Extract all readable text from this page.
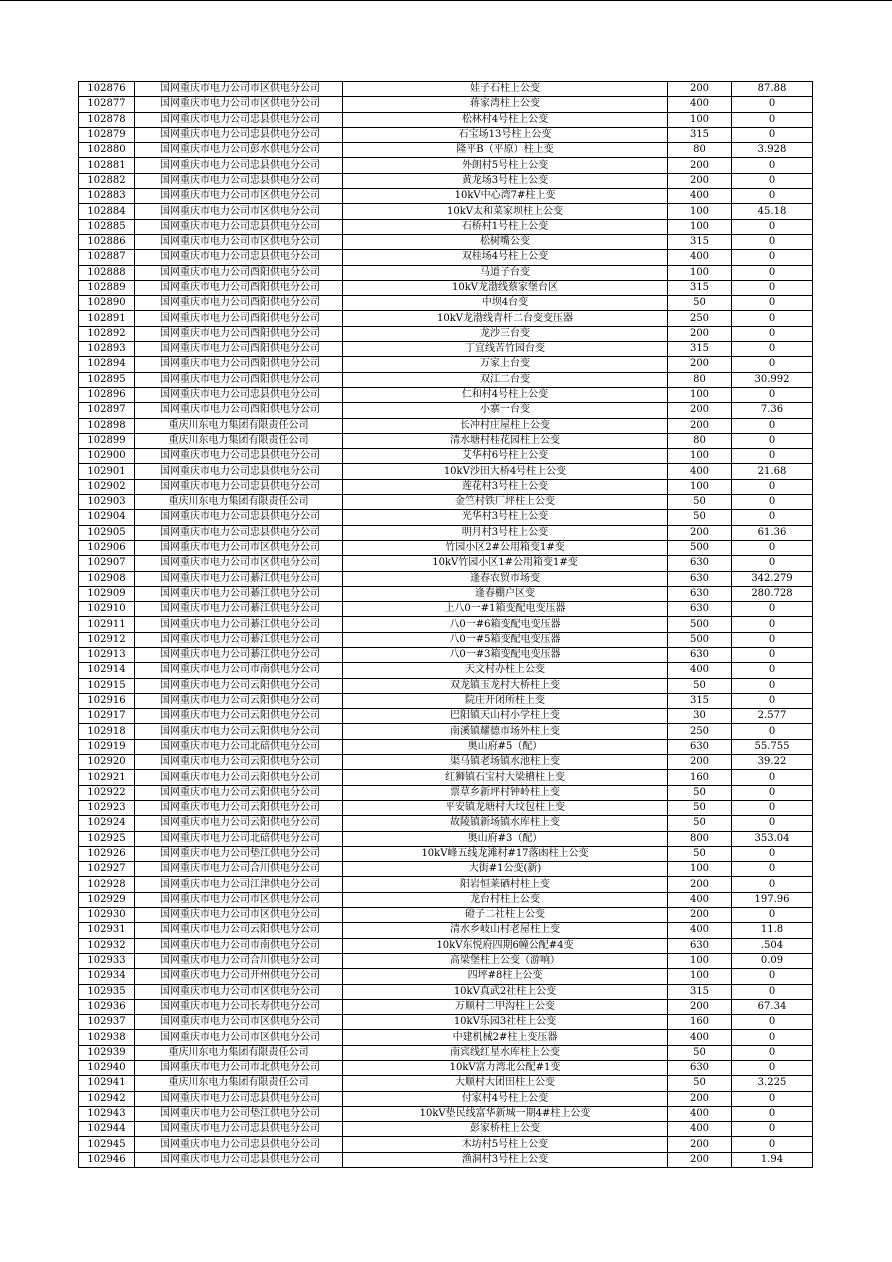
102876	国网重庆市电力公司市区供电分公司	娃子石柱上公变	200	87.88
102877	国网重庆市电力公司市区供电分公司	蒋家湾柱上公变	400	0
102878	国网重庆市电力公司忠县供电分公司	松林村4号柱上公变	100	0
102879	国网重庆市电力公司忠县供电分公司	石宝场13号柱上公变	315	0
102880	国网重庆市电力公司彭水供电分公司	隆平B（平原）柱上变	80	3.928
102881	国网重庆市电力公司忠县供电分公司	外朗村5号柱上公变	200	0
102882	国网重庆市电力公司忠县供电分公司	黄龙场3号柱上公变	200	0
102883	国网重庆市电力公司市区供电分公司	10kV中心湾7#柱上变	400	0
102884	国网重庆市电力公司市区供电分公司	10kV太和菜家坝柱上公变	100	45.18
102885	国网重庆市电力公司忠县供电分公司	石桥村1号柱上公变	100	0
102886	国网重庆市电力公司市区供电分公司	松树嘴公变	315	0
102887	国网重庆市电力公司忠县供电分公司	双桂场4号柱上公变	400	0
102888	国网重庆市电力公司酉阳供电分公司	马道子台变	100	0
102889	国网重庆市电力公司酉阳供电分公司	10kV龙渤线蔡家堡台区	315	0
102890	国网重庆市电力公司酉阳供电分公司	中坝4台变	50	0
102891	国网重庆市电力公司酉阳供电分公司	10kV龙渤线青杆二台变变压器	250	0
102892	国网重庆市电力公司酉阳供电分公司	龙沙三台变	200	0
102893	国网重庆市电力公司酉阳供电分公司	丁宜线苦竹园台变	315	0
102894	国网重庆市电力公司酉阳供电分公司	万家上台变	200	0
102895	国网重庆市电力公司酉阳供电分公司	双江二台变	80	30.992
102896	国网重庆市电力公司忠县供电分公司	仁和村4号柱上公变	100	0
102897	国网重庆市电力公司酉阳供电分公司	小寨一台变	200	7.36
102898	重庆川东电力集团有限责任公司	长冲村庄屋柱上公变	200	0
102899	重庆川东电力集团有限责任公司	清水塘村桂花园柱上公变	80	0
102900	国网重庆市电力公司忠县供电分公司	艾华村6号柱上公变	100	0
102901	国网重庆市电力公司忠县供电分公司	10kV沙田大桥4号柱上公变	400	21.68
102902	国网重庆市电力公司忠县供电分公司	莲花村3号柱上公变	100	0
102903	重庆川东电力集团有限责任公司	金竺村铁厂坪柱上公变	50	0
102904	国网重庆市电力公司忠县供电分公司	光华村3号柱上公变	50	0
102905	国网重庆市电力公司忠县供电分公司	明月村3号柱上公变	200	61.36
102906	国网重庆市电力公司市区供电分公司	竹园小区2#公用箱变1#变	500	0
102907	国网重庆市电力公司市区供电分公司	10kV竹园小区1#公用箱变1#变	630	0
102908	国网重庆市电力公司綦江供电分公司	逢春农贸市场变	630	342.279
102909	国网重庆市电力公司綦江供电分公司	逢春棚户区变	630	280.728
102910	国网重庆市电力公司綦江供电分公司	上八0一#1箱变配电变压器	630	0
102911	国网重庆市电力公司綦江供电分公司	八0一#6箱变配电变压器	500	0
102912	国网重庆市电力公司綦江供电分公司	八0一#5箱变配电变压器	500	0
102913	国网重庆市电力公司綦江供电分公司	八0一#3箱变配电变压器	630	0
102914	国网重庆市电力公司市南供电分公司	天文村办柱上公变	400	0
102915	国网重庆市电力公司云阳供电分公司	双龙镇玉龙村大桥柱上变	50	0
102916	国网重庆市电力公司云阳供电分公司	院庄开闭所柱上变	315	0
102917	国网重庆市电力公司云阳供电分公司	巴阳镇天山村小学柱上变	30	2.577
102918	国网重庆市电力公司云阳供电分公司	南溪镇耀德市场外柱上变	250	0
102919	国网重庆市电力公司北碚供电分公司	奥山府#5（配）	630	55.755
102920	国网重庆市电力公司云阳供电分公司	渠马镇老场镇水池柱上变	200	39.22
102921	国网重庆市电力公司云阳供电分公司	红狮镇石宝村大梁槽柱上变	160	0
102922	国网重庆市电力公司云阳供电分公司	票草乡新坪村钟岭柱上变	50	0
102923	国网重庆市电力公司云阳供电分公司	平安镇龙塘村大坟包柱上变	50	0
102924	国网重庆市电力公司云阳供电分公司	故陵镇新场镇水库柱上变	50	0
102925	国网重庆市电力公司北碚供电分公司	奥山府#3（配）	800	353.04
102926	国网重庆市电力公司垫江供电分公司	10kV峰五线龙滩村#17落凼柱上公变	50	0
102927	国网重庆市电力公司合川供电分公司	大街#1公变(新)	100	0
102928	国网重庆市电力公司江津供电分公司	阳岩恒莱硒村柱上变	200	0
102929	国网重庆市电力公司市区供电分公司	龙台村柱上公变	400	197.96
102930	国网重庆市电力公司市区供电分公司	磴子二社柱上公变	200	0
102931	国网重庆市电力公司云阳供电分公司	清水乡岐山村老屋柱上变	400	11.8
102932	国网重庆市电力公司市南供电分公司	10kV东悦府四期6幢公配#4变	630	.504
102933	国网重庆市电力公司合川供电分公司	高梁堡柱上公变（游响）	100	0.09
102934	国网重庆市电力公司开州供电分公司	四坪#8柱上公变	100	0
102935	国网重庆市电力公司市区供电分公司	10kV真武2社柱上公变	315	0
102936	国网重庆市电力公司长寿供电分公司	万顺村二甲沟柱上公变	200	67.34
102937	国网重庆市电力公司市区供电分公司	10kV乐园3社柱上公变	160	0
102938	国网重庆市电力公司市区供电分公司	中建机械2#柱上变压器	400	0
102939	重庆川东电力集团有限责任公司	南宾线红星水库柱上公变	50	0
102940	国网重庆市电力公司市北供电分公司	10kV富力湾北公配#1变	630	0
102941	重庆川东电力集团有限责任公司	大顺村大团田柱上公变	50	3.225
102942	国网重庆市电力公司忠县供电分公司	付家村4号柱上公变	200	0
102943	国网重庆市电力公司垫江供电分公司	10kV垫民线富华新城一期4#柱上公变	400	0
102944	国网重庆市电力公司忠县供电分公司	彭家桥柱上公变	400	0
102945	国网重庆市电力公司忠县供电分公司	木坊村5号柱上公变	200	0
102946	国网重庆市电力公司忠县供电分公司	渔洞村3号柱上公变	200	1.94
